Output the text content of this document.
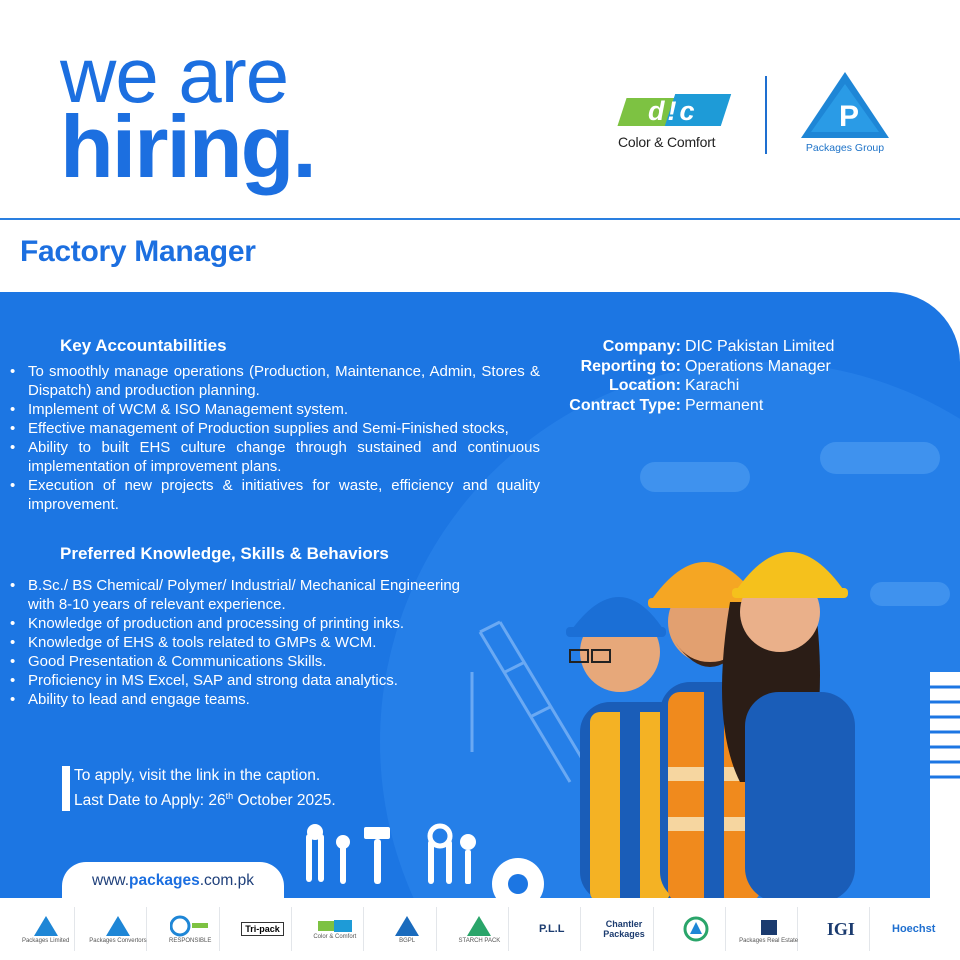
we are
hiring.	d!c
Color & Comfort
P
Packages Group
Factory Manager
Key Accountabilities
• To smoothly manage operations (Production, Maintenance, Admin, Stores & Dispatch) and production planning.
• Implement of WCM & ISO Management system.
• Effective management of Production supplies and Semi-Finished stocks,
• Ability to built EHS culture change through sustained and continuous implementation of improvement plans.
• Execution of new projects & initiatives for waste, efficiency and quality improvement.
Preferred Knowledge, Skills & Behaviors
• B.Sc./ BS Chemical/ Polymer/ Industrial/ Mechanical Engineering with 8-10 years of relevant experience.
• Knowledge of production and processing of printing inks.
• Knowledge of EHS & tools related to GMPs & WCM.
• Good Presentation & Communications Skills.
• Proficiency in MS Excel, SAP and strong data analytics.
• Ability to lead and engage teams.
Company: DIC Pakistan Limited
Reporting to: Operations Manager
Location: Karachi
Contract Type: Permanent
To apply, visit the link in the caption.
Last Date to Apply: 26th October 2025.
www.packages.com.pk
Packages Limited	Packages Convertors	RESPONSIBLE
Tri-pack
Color & Comfort
BGPL	STARCH PACK
P.L.L	Chantler Packages
Packages Real Estate
IGI	Hoechst
